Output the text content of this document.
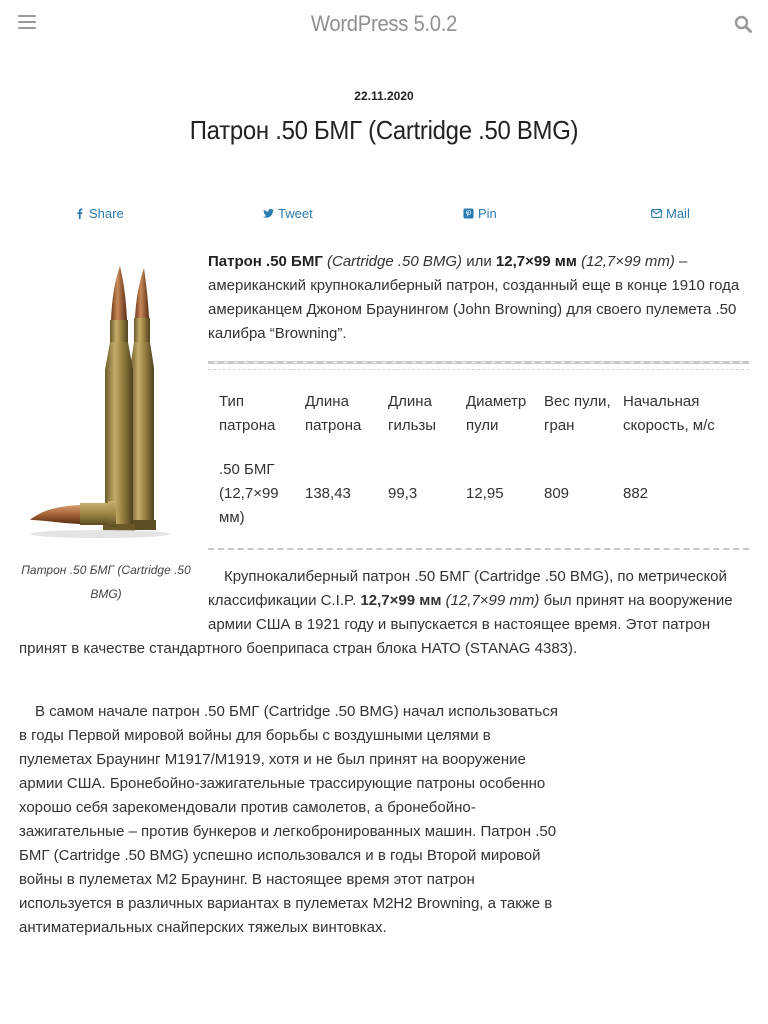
WordPress 5.0.2
22.11.2020
Патрон .50 БМГ (Cartridge .50 BMG)
Share	Tweet	Pin	Mail
Патрон .50 БМГ (Cartridge .50 BMG)

Патрон .50 БМГ (Cartridge .50 BMG) или 12,7×99 мм (12,7×99 mm) – американский крупнокалиберный патрон, созданный еще в конце 1910 года американцем Джоном Браунингом (John Browning) для своего пулемета .50 калибра “Browning”.

Тип патрона	Длина патрона	Длина гильзы	Диаметр пули	Вес пули, гран	Начальная скорость, м/с
.50 БМГ (12,7×99 мм)	138,43	99,3	12,95	809	882

Крупнокалиберный патрон .50 БМГ (Cartridge .50 BMG), по метрической классификации C.I.P. 12,7×99 мм (12,7×99 mm) был принят на вооружение армии США в 1921 году и выпускается в настоящее время. Этот патрон принят в качестве стандартного боеприпаса стран блока НАТО (STANAG 4383).

В самом начале патрон .50 БМГ (Cartridge .50 BMG) начал использоваться в годы Первой мировой войны для борьбы с воздушными целями в пулеметах Браунинг M1917/M1919, хотя и не был принят на вооружение армии США. Бронебойно-зажигательные трассирующие патроны особенно хорошо себя зарекомендовали против самолетов, а бронебойно-зажигательные – против бункеров и легкобронированных машин. Патрон .50 БМГ (Cartridge .50 BMG) успешно использовался и в годы Второй мировой войны в пулеметах M2 Браунинг. В настоящее время этот патрон используется в различных вариантах в пулеметах M2H2 Browning, а также в антиматериальных снайперских тяжелых винтовках.
